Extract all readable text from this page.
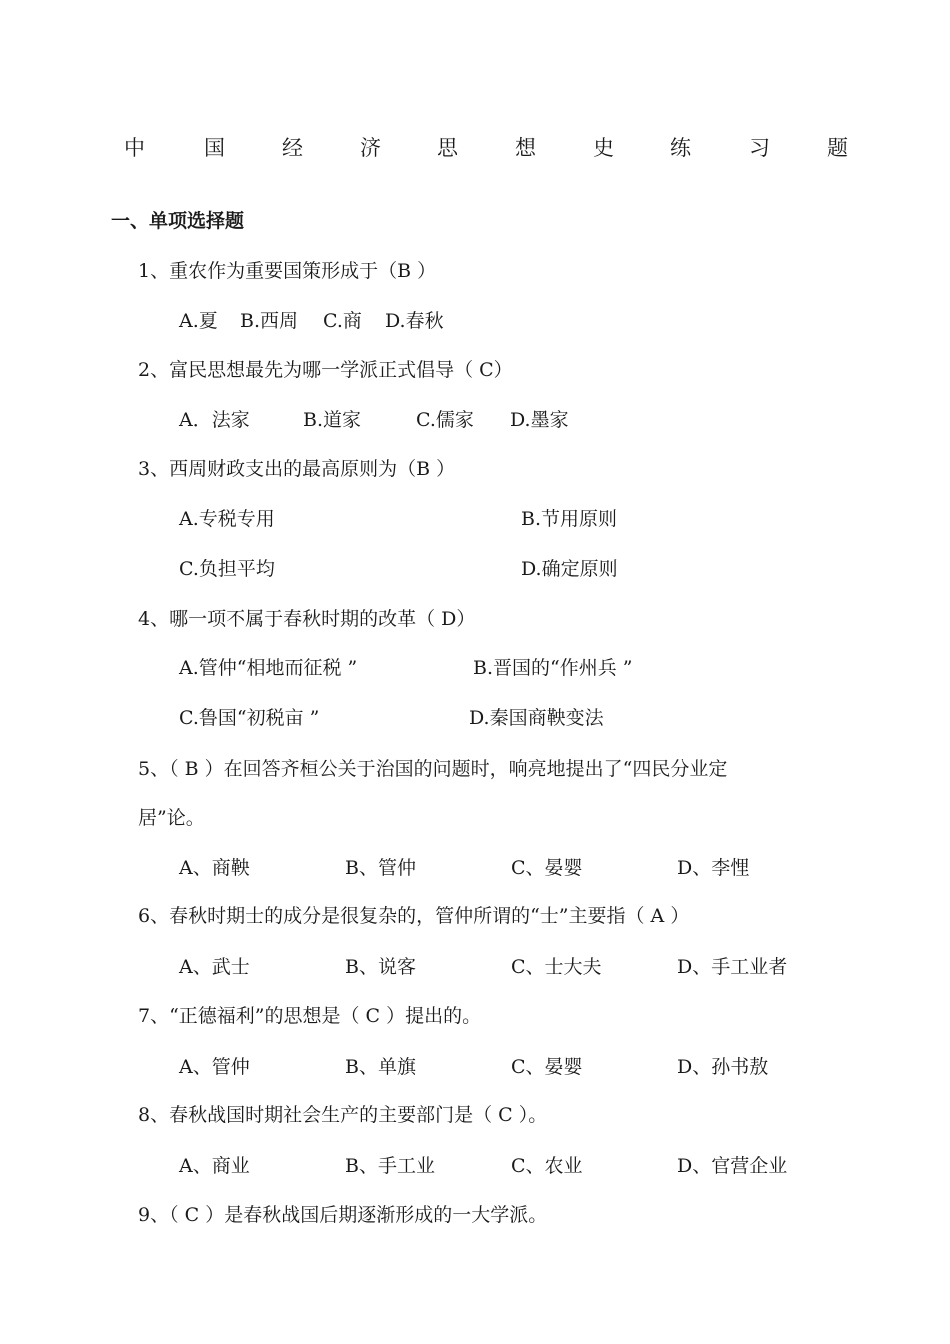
中	国	经	济	思	想	史	练	习	题
一、单项选择题
1、重农作为重要国策形成于（B ）
A.夏 B.西周 C.商 D.春秋
2、富民思想最先为哪一学派正式倡导（ C）
A．法家	B.道家	C.儒家 D.墨家
3、西周财政支出的最高原则为（B ）
A.专税专用	B.节用原则
C.负担平均	D.确定原则
4、哪一项不属于春秋时期的改革（ D）
A.管仲“相地而征税 ”	B.晋国的“作州兵 ”
C.鲁国“初税亩 ”	D.秦国商鞅变法
5、（ B ）在回答齐桓公关于治国的问题时，响亮地提出了“四民分业定
居”论。
A、商鞅	B、管仲	C、晏婴	D、李悝
6、春秋时期士的成分是很复杂的，管仲所谓的“士”主要指（ A ）
A、武士	B、说客	C、士大夫	D、手工业者
7、“正德福利”的思想是（ C ）提出的。
A、管仲	B、单旗	C、晏婴	D、孙书敖
8、春秋战国时期社会生产的主要部门是（ C ）。
A、商业	B、手工业	C、农业	D、官营企业
9、（ C ）是春秋战国后期逐渐形成的一大学派。
